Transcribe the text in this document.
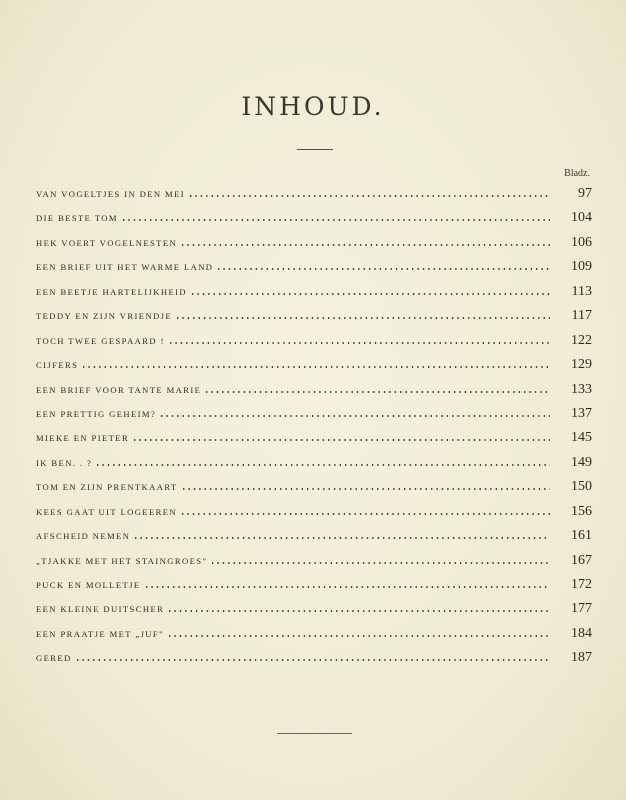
INHOUD.
Bladz.
VAN VOGELTJES IN DEN MEI	97
DIE BESTE TOM	104
HEK VOERT VOGELNESTEN	106
EEN BRIEF UIT HET WARME LAND	109
EEN BEETJE HARTELIJKHEID	113
TEDDY EN ZIJN VRIENDJE	117
TOCH TWEE GESPAARD !	122
CIJFERS	129
EEN BRIEF VOOR TANTE MARIE	133
EEN PRETTIG GEHEIM?	137
MIEKE EN PIETER	145
IK BEN. . ?	149
TOM EN ZIJN PRENTKAART	150
KEES GAAT UIT LOGEEREN	156
AFSCHEID NEMEN	161
„TJAKKE MET HET STAINGROES"	167
PUCK EN MOLLETJE	172
EEN KLEINE DUITSCHER	177
EEN PRAATJE MET „JUF"	184
GERED	187
